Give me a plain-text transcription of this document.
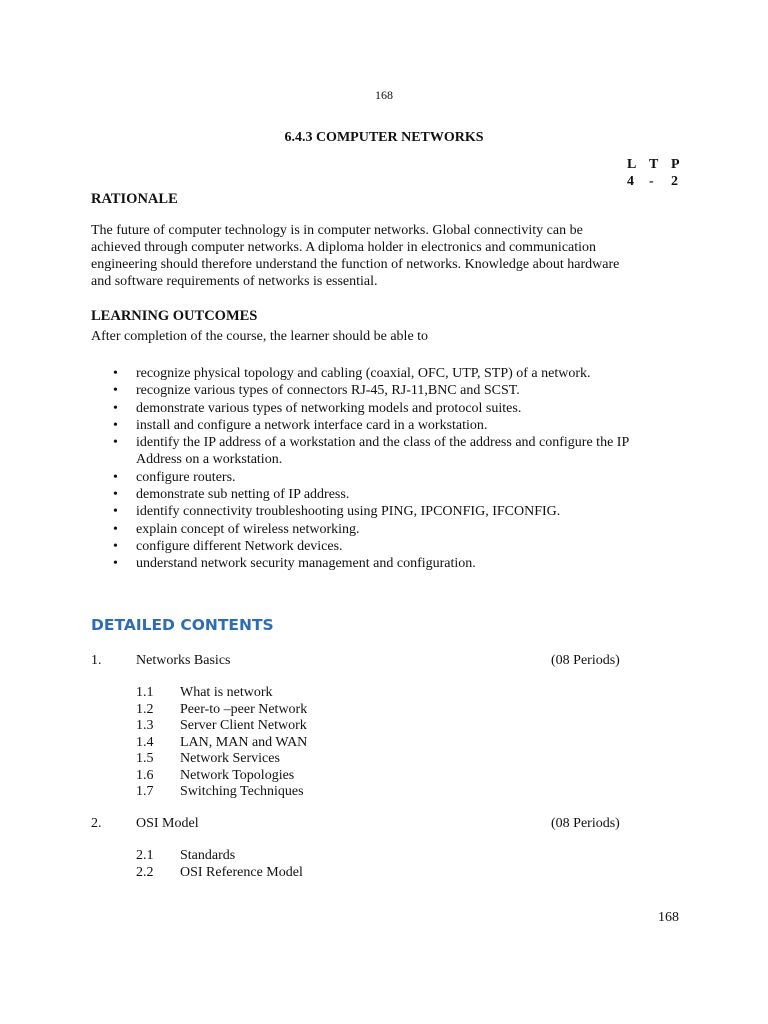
168
6.4.3 COMPUTER NETWORKS
L T P
4 - 2
RATIONALE
The future of computer technology is in computer networks. Global connectivity can be
achieved through computer networks. A diploma holder in electronics and communication
engineering should therefore understand the function of networks. Knowledge about hardware
and software requirements of networks is essential.
LEARNING OUTCOMES
After completion of the course, the learner should be able to
• recognize physical topology and cabling (coaxial, OFC, UTP, STP) of a network.
• recognize various types of connectors RJ-45, RJ-11,BNC and SCST.
• demonstrate various types of networking models and protocol suites.
• install and configure a network interface card in a workstation.
• identify the IP address of a workstation and the class of the address and configure the IP
Address on a workstation.
• configure routers.
• demonstrate sub netting of IP address.
• identify connectivity troubleshooting using PING, IPCONFIG, IFCONFIG.
• explain concept of wireless networking.
• configure different Network devices.
• understand network security management and configuration.
DETAILED CONTENTS
1. Networks Basics	(08 Periods)
1.1 What is network
1.2 Peer-to –peer Network
1.3 Server Client Network
1.4 LAN, MAN and WAN
1.5 Network Services
1.6 Network Topologies
1.7 Switching Techniques
2. OSI Model	(08 Periods)
2.1 Standards
2.2 OSI Reference Model
168
